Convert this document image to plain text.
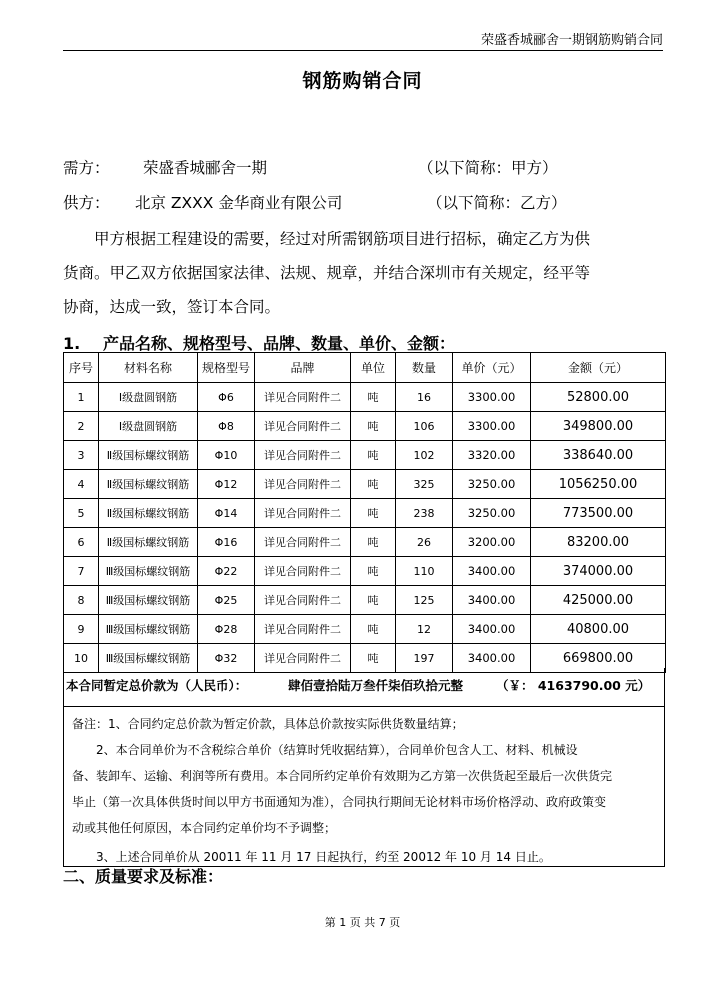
荣盛香城郦舍一期钢筋购销合同
钢筋购销合同
需方： 荣盛香城郦舍一期	（以下简称：甲方）
供方： 北京 ZXXX 金华商业有限公司	（以下简称：乙方）

甲方根据工程建设的需要，经过对所需钢筋项目进行招标，确定乙方为供

货商。甲乙双方依据国家法律、法规、规章，并结合深圳市有关规定，经平等

协商，达成一致，签订本合同。

1. 产品名称、规格型号、品牌、数量、单价、金额：
序号	材料名称	规格型号	品牌	单位	数量	单价（元）	金额（元）
1	Ⅰ级盘圆钢筋	Φ6	详见合同附件二	吨	16	3300.00	52800.00
2	Ⅰ级盘圆钢筋	Φ8	详见合同附件二	吨	106	3300.00	349800.00
3	Ⅱ级国标螺纹钢筋	Φ10	详见合同附件二	吨	102	3320.00	338640.00
4	Ⅱ级国标螺纹钢筋	Φ12	详见合同附件二	吨	325	3250.00	1056250.00
5	Ⅱ级国标螺纹钢筋	Φ14	详见合同附件二	吨	238	3250.00	773500.00
6	Ⅱ级国标螺纹钢筋	Φ16	详见合同附件二	吨	26	3200.00	83200.00
7	Ⅲ级国标螺纹钢筋	Φ22	详见合同附件二	吨	110	3400.00	374000.00
8	Ⅲ级国标螺纹钢筋	Φ25	详见合同附件二	吨	125	3400.00	425000.00
9	Ⅲ级国标螺纹钢筋	Φ28	详见合同附件二	吨	12	3400.00	40800.00
10	Ⅲ级国标螺纹钢筋	Φ32	详见合同附件二	吨	197	3400.00	669800.00
本合同暂定总价款为（人民币）：	肆佰壹拾陆万叁仟柒佰玖拾元整	（￥： 4163790.00 元）
备注：1、合同约定总价款为暂定价款，具体总价款按实际供货数量结算；
　　2、本合同单价为不含税综合单价（结算时凭收据结算），合同单价包含人工、材料、机械设
备、装卸车、运输、利润等所有费用。本合同所约定单价有效期为乙方第一次供货起至最后一次供货完
毕止（第一次具体供货时间以甲方书面通知为准），合同执行期间无论材料市场价格浮动、政府政策变
动或其他任何原因，本合同约定单价均不予调整；
　　3、上述合同单价从 20011 年 11 月 17 日起执行，约至 20012 年 10 月 14 日止。
二、质量要求及标准：
第 1 页 共 7 页
